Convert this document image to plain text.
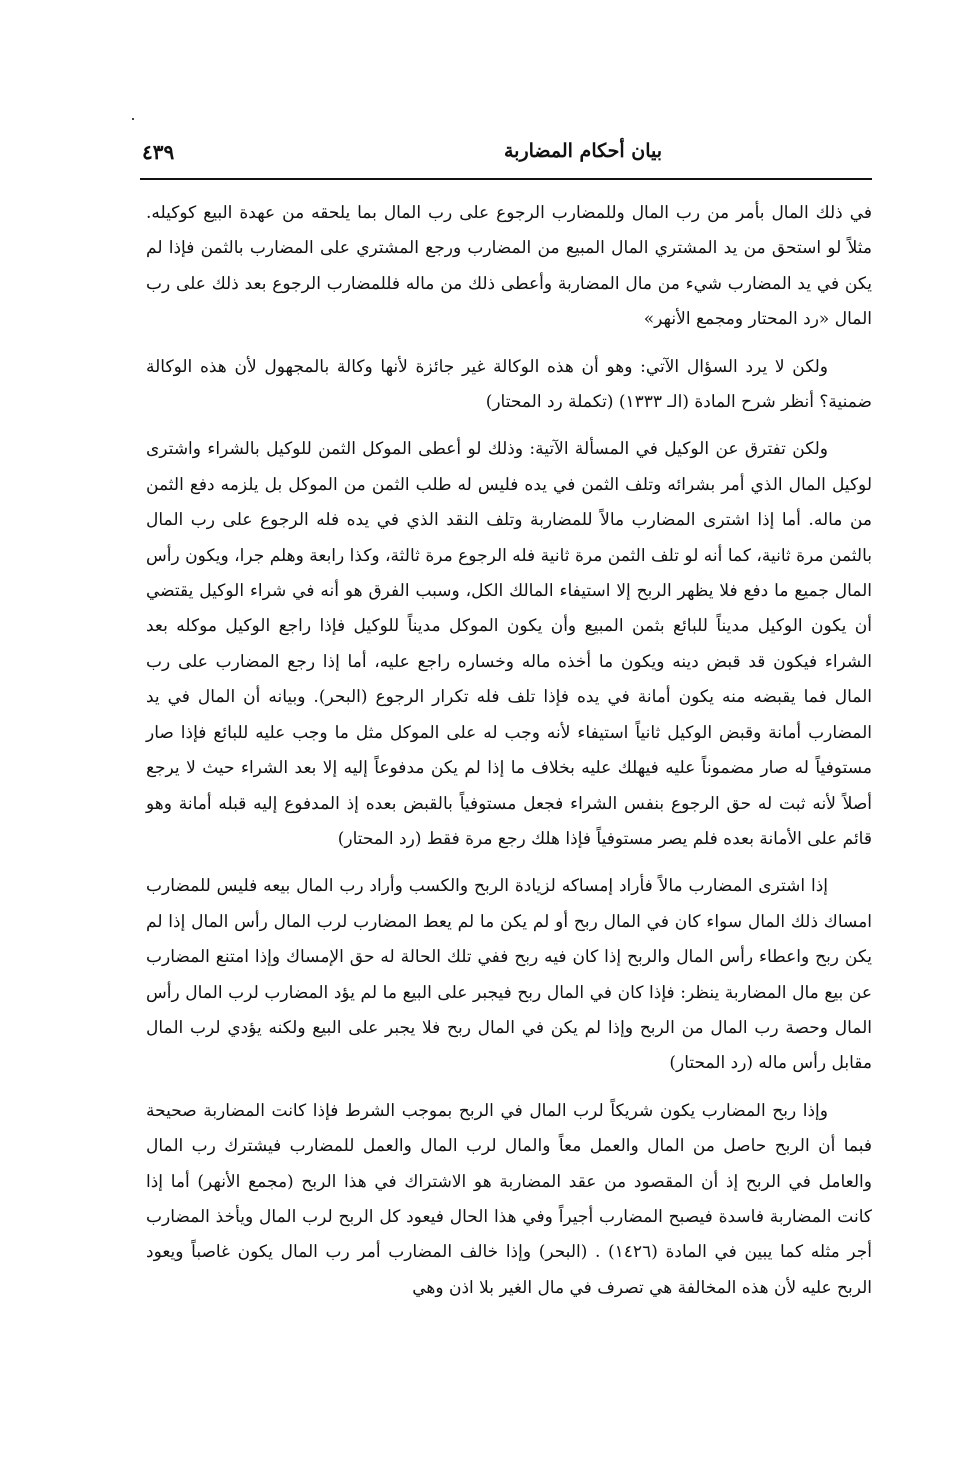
بيان أحكام المضاربة
٤٣٩

في ذلك المال بأمر من رب المال وللمضارب الرجوع على رب المال بما يلحقه من عهدة البيع كوكيله. مثلاً لو استحق من يد المشتري المال المبيع من المضارب ورجع المشتري على المضارب بالثمن فإذا لم يكن في يد المضارب شيء من مال المضاربة وأعطى ذلك من ماله فللمضارب الرجوع بعد ذلك على رب المال «رد المحتار ومجمع الأنهر»

ولكن لا يرد السؤال الآتي: وهو أن هذه الوكالة غير جائزة لأنها وكالة بالمجهول لأن هذه الوكالة ضمنية؟ أنظر شرح المادة (الـ ١٣٣٣) (تكملة رد المحتار)

ولكن تفترق عن الوكيل في المسألة الآتية: وذلك لو أعطى الموكل الثمن للوكيل بالشراء واشترى لوكيل المال الذي أمر بشرائه وتلف الثمن في يده فليس له طلب الثمن من الموكل بل يلزمه دفع الثمن من ماله. أما إذا اشترى المضارب مالاً للمضاربة وتلف النقد الذي في يده فله الرجوع على رب المال بالثمن مرة ثانية، كما أنه لو تلف الثمن مرة ثانية فله الرجوع مرة ثالثة، وكذا رابعة وهلم جرا، ويكون رأس المال جميع ما دفع فلا يظهر الربح إلا استيفاء المالك الكل، وسبب الفرق هو أنه في شراء الوكيل يقتضي أن يكون الوكيل مديناً للبائع بثمن المبيع وأن يكون الموكل مديناً للوكيل فإذا راجع الوكيل موكله بعد الشراء فيكون قد قبض دينه ويكون ما أخذه ماله وخساره راجع عليه، أما إذا رجع المضارب على رب المال فما يقبضه منه يكون أمانة في يده فإذا تلف فله تكرار الرجوع (البحر). وبيانه أن المال في يد المضارب أمانة وقبض الوكيل ثانياً استيفاء لأنه وجب له على الموكل مثل ما وجب عليه للبائع فإذا صار مستوفياً له صار مضموناً عليه فيهلك عليه بخلاف ما إذا لم يكن مدفوعاً إليه إلا بعد الشراء حيث لا يرجع أصلاً لأنه ثبت له حق الرجوع بنفس الشراء فجعل مستوفياً بالقبض بعده إذ المدفوع إليه قبله أمانة وهو قائم على الأمانة بعده فلم يصر مستوفياً فإذا هلك رجع مرة فقط (رد المحتار)

إذا اشترى المضارب مالاً فأراد إمساكه لزيادة الربح والكسب وأراد رب المال بيعه فليس للمضارب امساك ذلك المال سواء كان في المال ربح أو لم يكن ما لم يعط المضارب لرب المال رأس المال إذا لم يكن ربح واعطاء رأس المال والربح إذا كان فيه ربح ففي تلك الحالة له حق الإمساك وإذا امتنع المضارب عن بيع مال المضاربة ينظر: فإذا كان في المال ربح فيجبر على البيع ما لم يؤد المضارب لرب المال رأس المال وحصة رب المال من الربح وإذا لم يكن في المال ربح فلا يجبر على البيع ولكنه يؤدي لرب المال مقابل رأس ماله (رد المحتار)

وإذا ربح المضارب يكون شريكاً لرب المال في الربح بموجب الشرط فإذا كانت المضاربة صحيحة فبما أن الربح حاصل من المال والعمل معاً والمال لرب المال والعمل للمضارب فيشترك رب المال والعامل في الربح إذ أن المقصود من عقد المضاربة هو الاشتراك في هذا الربح (مجمع الأنهر) أما إذا كانت المضاربة فاسدة فيصبح المضارب أجيراً وفي هذا الحال فيعود كل الربح لرب المال ويأخذ المضارب أجر مثله كما يبين في المادة (١٤٢٦) . (البحر) وإذا خالف المضارب أمر رب المال يكون غاصباً ويعود الربح عليه لأن هذه المخالفة هي تصرف في مال الغير بلا اذن وهي
